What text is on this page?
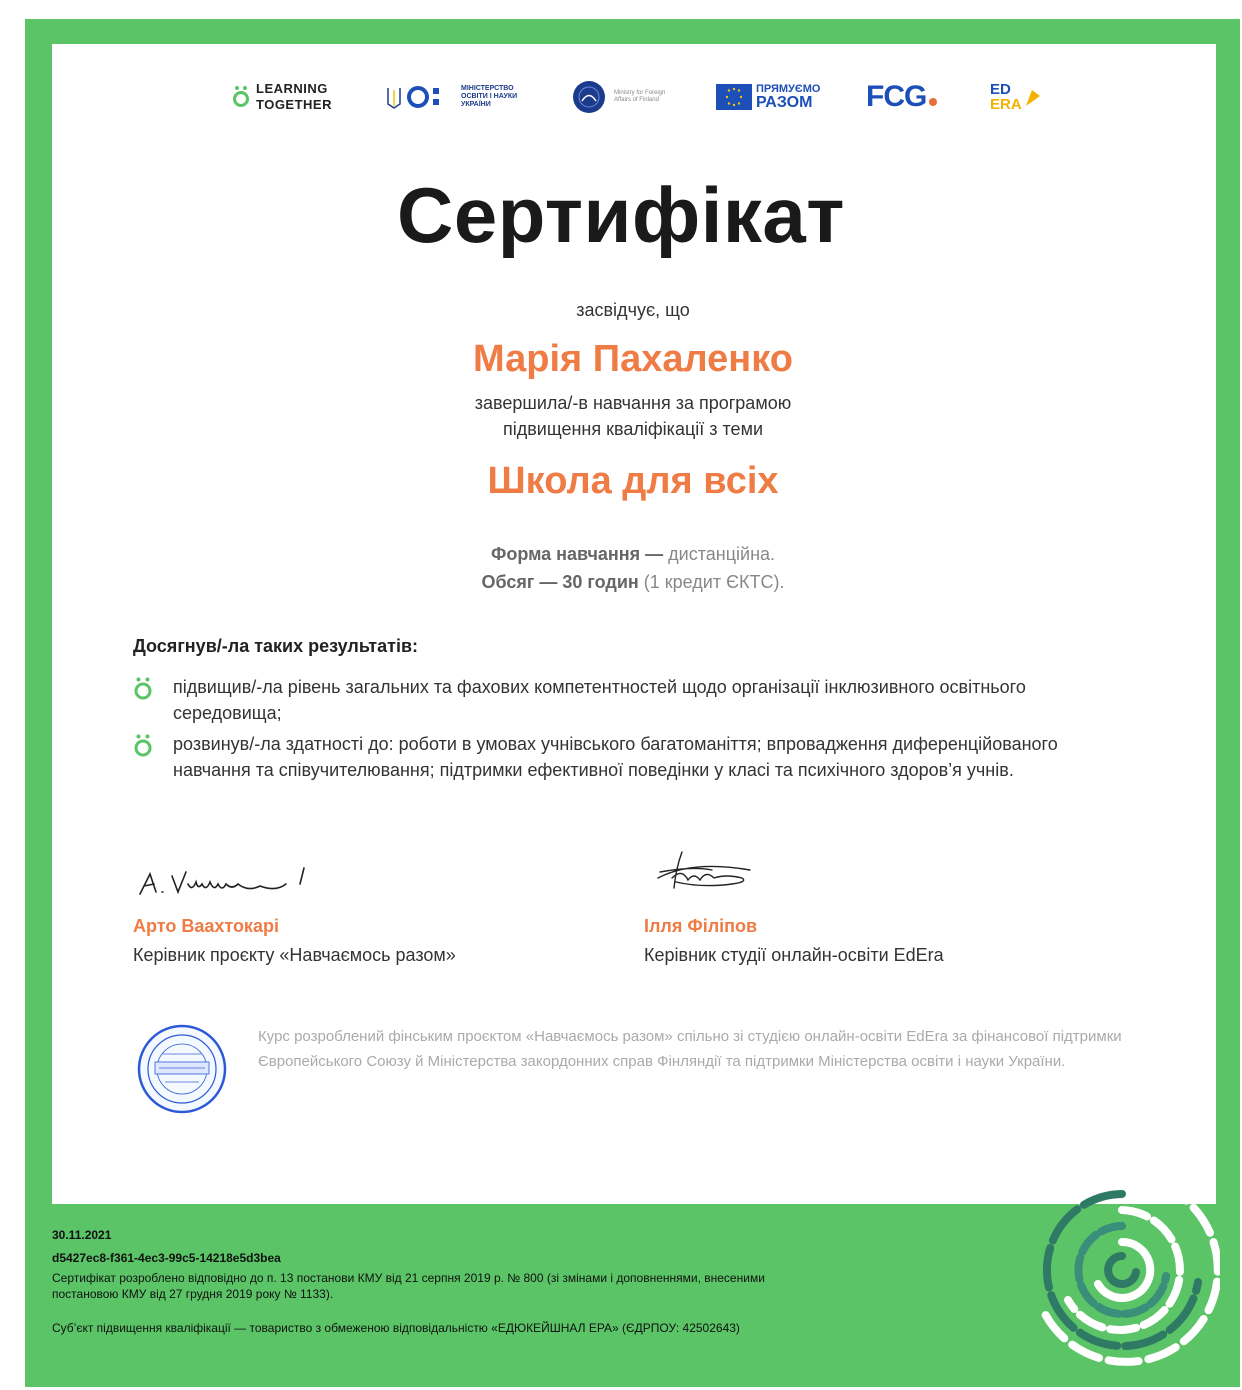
LEARNING
TOGETHER
МІНІСТЕРСТВО
ОСВІТИ І НАУКИ
УКРАЇНИ
Ministry for Foreign
Affairs of Finland
ПРЯМУЄМО
РАЗОМ FCG	ED
ERA
Сертифікат
засвідчує, що
Марія Пахаленко
завершила/-в навчання за програмою
підвищення кваліфікації з теми
Школа для всіх
Форма навчання — дистанційна.
Обсяг — 30 годин (1 кредит ЄКТС).
Досягнув/-ла таких результатів:
підвищив/-ла рівень загальних та фахових компетентностей щодо організації інклюзивного освітнього середовища;
розвинув/-ла здатності до: роботи в умовах учнівського багатоманіття; впровадження диференційованого навчання та співучителювання; підтримки ефективної поведінки у класі та психічного здоров’я учнів.
Арто Ваахтокарі
Керівник проєкту «Навчаємось разом»
Ілля Філіпов
Керівник студії онлайн-освіти EdEra
Курс розроблений фінським проєктом «Навчаємось разом» спільно зі студією онлайн-освіти EdEra за фінансової підтримки Європейського Союзу й Міністерства закордонних справ Фінляндії та підтримки Міністерства освіти і науки України.
30.11.2021
d5427ec8-f361-4ec3-99c5-14218e5d3bea
Сертифікат розроблено відповідно до п. 13 постанови КМУ від 21 серпня 2019 р. № 800 (зі змінами і доповненнями, внесеними
постановою КМУ від 27 грудня 2019 року № 1133).
Суб’єкт підвищення кваліфікації — товариство з обмеженою відповідальністю «ЕДЮКЕЙШНАЛ ЕРА» (ЄДРПОУ: 42502643)
